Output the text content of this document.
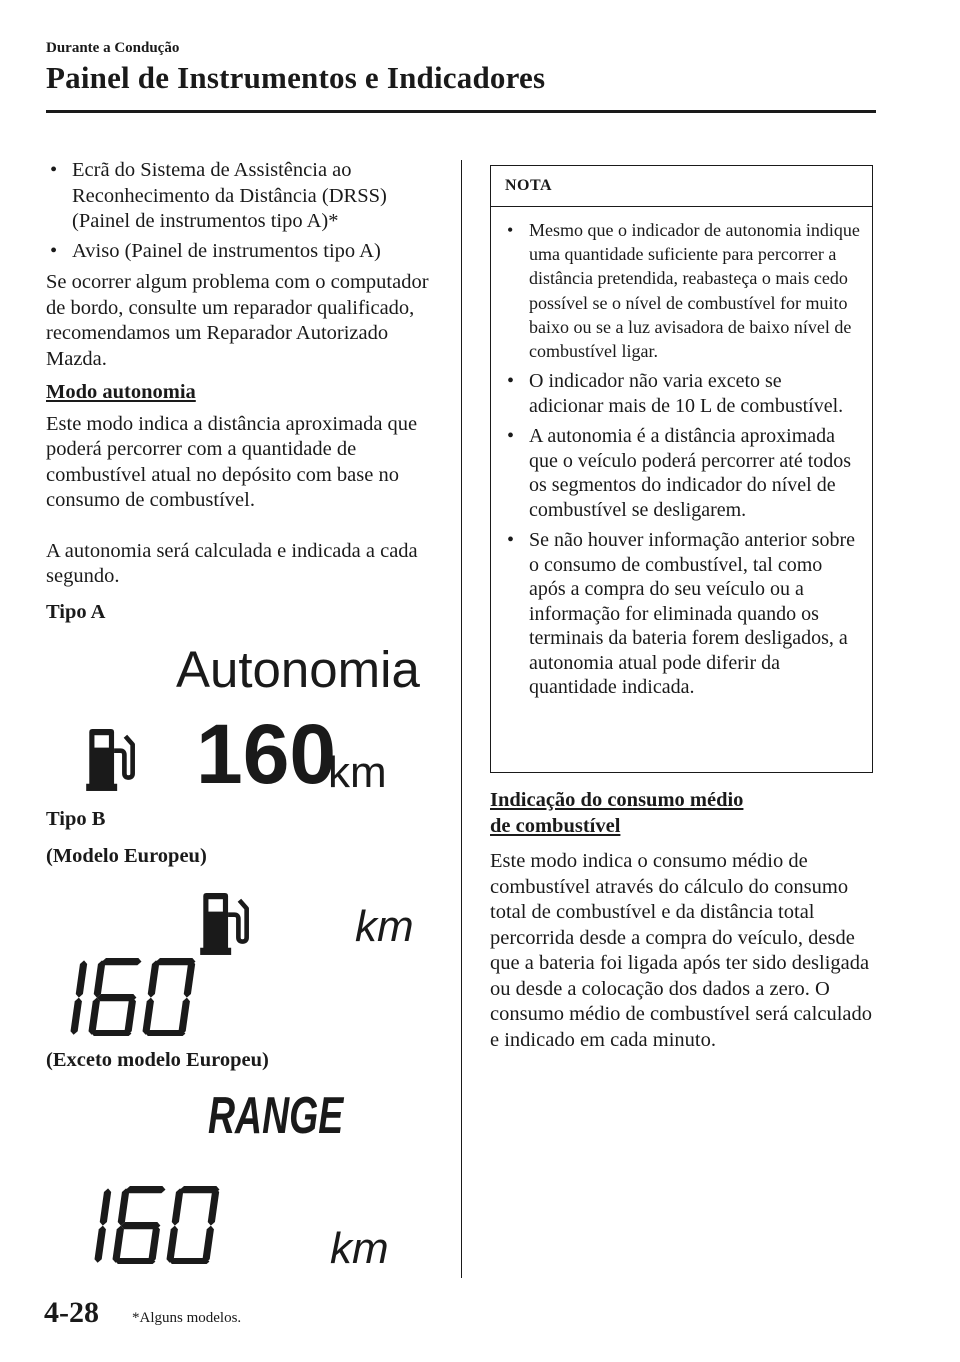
Durante a Condução
Painel de Instrumentos e Indicadores
• Ecrã do Sistema de Assistência ao Reconhecimento da Distância (DRSS) (Painel de instrumentos tipo A)*
• Aviso (Painel de instrumentos tipo A)
Se ocorrer algum problema com o computador de bordo, consulte um reparador qualificado, recomendamos um Reparador Autorizado Mazda.
Modo autonomia
Este modo indica a distância aproximada que poderá percorrer com a quantidade de combustível atual no depósito com base no consumo de combustível.
A autonomia será calculada e indicada a cada segundo.
Tipo A
Autonomia
160
km
Tipo B
(Modelo Europeu)
km
(Exceto modelo Europeu)
RANGE
km
NOTA
• Mesmo que o indicador de autonomia indique uma quantidade suficiente para percorrer a distância pretendida, reabasteça o mais cedo possível se o nível de combustível for muito baixo ou se a luz avisadora de baixo nível de combustível ligar.
• O indicador não varia exceto se adicionar mais de 10 L de combustível.
• A autonomia é a distância aproximada que o veículo poderá percorrer até todos os segmentos do indicador do nível de combustível se desligarem.
• Se não houver informação anterior sobre o consumo de combustível, tal como após a compra do seu veículo ou a informação for eliminada quando os terminais da bateria forem desligados, a autonomia atual pode diferir da quantidade indicada.
Indicação do consumo médio
de combustível
Este modo indica o consumo médio de combustível através do cálculo do consumo total de combustível e da distância total percorrida desde a compra do veículo, desde que a bateria foi ligada após ter sido desligada ou desde a colocação dos dados a zero. O consumo médio de combustível será calculado e indicado em cada minuto.
4-28 *Alguns modelos.
